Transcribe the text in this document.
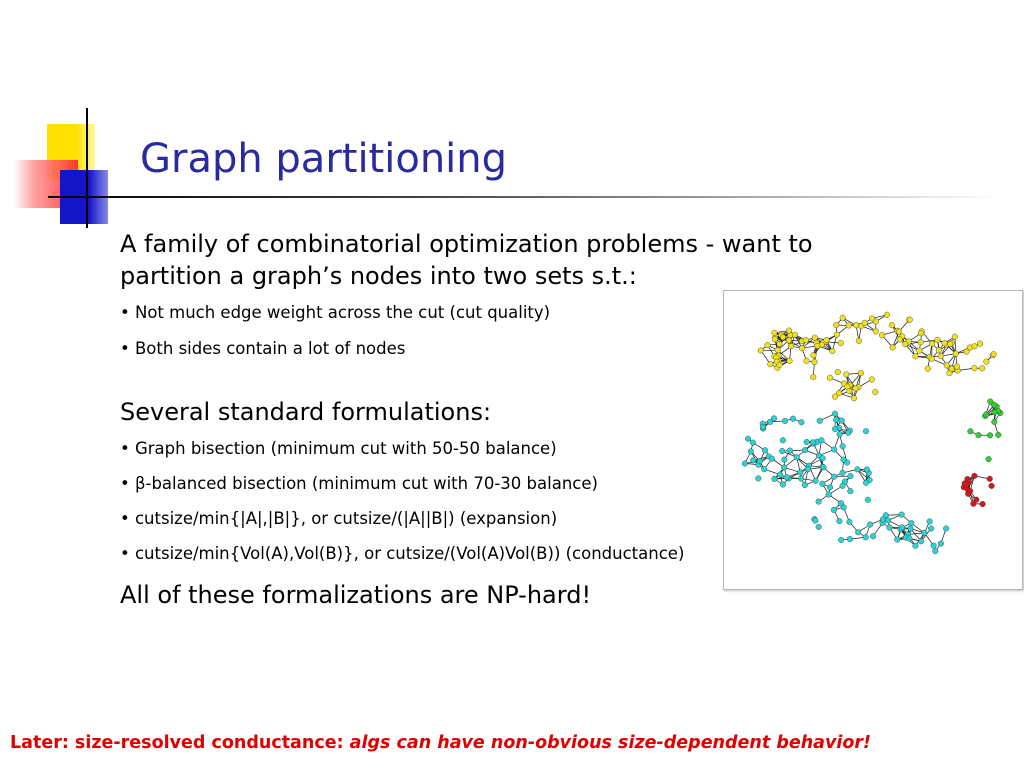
Graph partitioning

A family of combinatorial optimization problems - want to partition a graph’s nodes into two sets s.t.:

• Not much edge weight across the cut (cut quality)

• Both sides contain a lot of nodes

Several standard formulations:

• Graph bisection (minimum cut with 50-50 balance)

• β-balanced bisection (minimum cut with 70-30 balance)

• cutsize/min{|A|,|B|}, or cutsize/(|A||B|) (expansion)

• cutsize/min{Vol(A),Vol(B)}, or cutsize/(Vol(A)Vol(B)) (conductance)

All of these formalizations are NP-hard!

Later: size-resolved conductance: algs can have non-obvious size-dependent behavior!
